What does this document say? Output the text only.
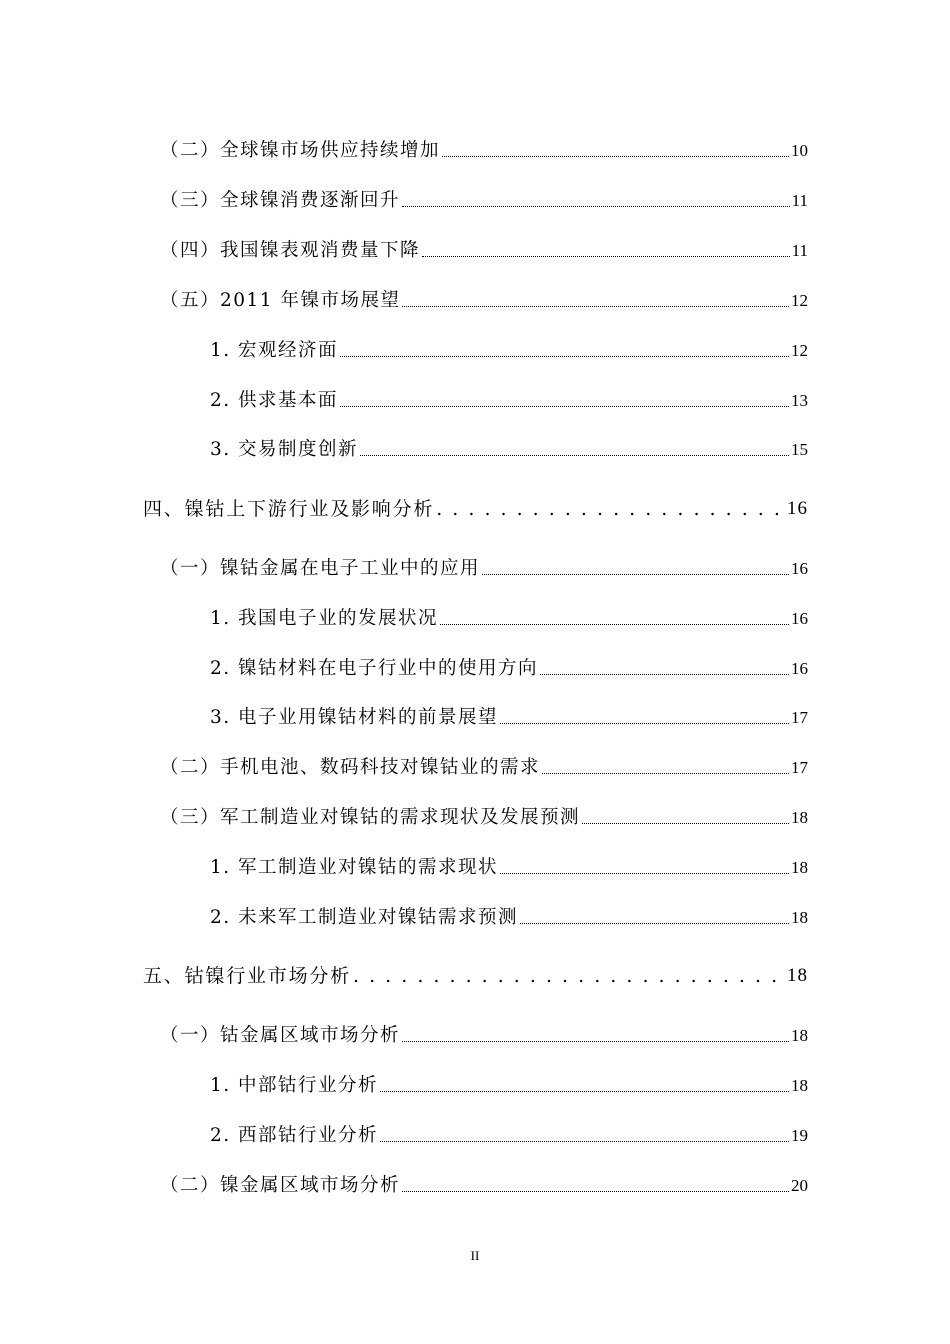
（二）全球镍市场供应持续增加	10
（三）全球镍消费逐渐回升	11
（四）我国镍表观消费量下降	11
（五）2011 年镍市场展望	12
1. 宏观经济面	12
2. 供求基本面	13
3. 交易制度创新	15
四、镍钴上下游行业及影响分析 . . .	16
（一）镍钴金属在电子工业中的应用	16
1. 我国电子业的发展状况	16
2. 镍钴材料在电子行业中的使用方向	16
3. 电子业用镍钴材料的前景展望	17
（二）手机电池、数码科技对镍钴业的需求	17
（三）军工制造业对镍钴的需求现状及发展预测	18
1. 军工制造业对镍钴的需求现状	18
2. 未来军工制造业对镍钴需求预测	18
五、钴镍行业市场分析 . . .	18
（一）钴金属区域市场分析	18
1. 中部钴行业分析	18
2. 西部钴行业分析	19
（二）镍金属区域市场分析	20
II
